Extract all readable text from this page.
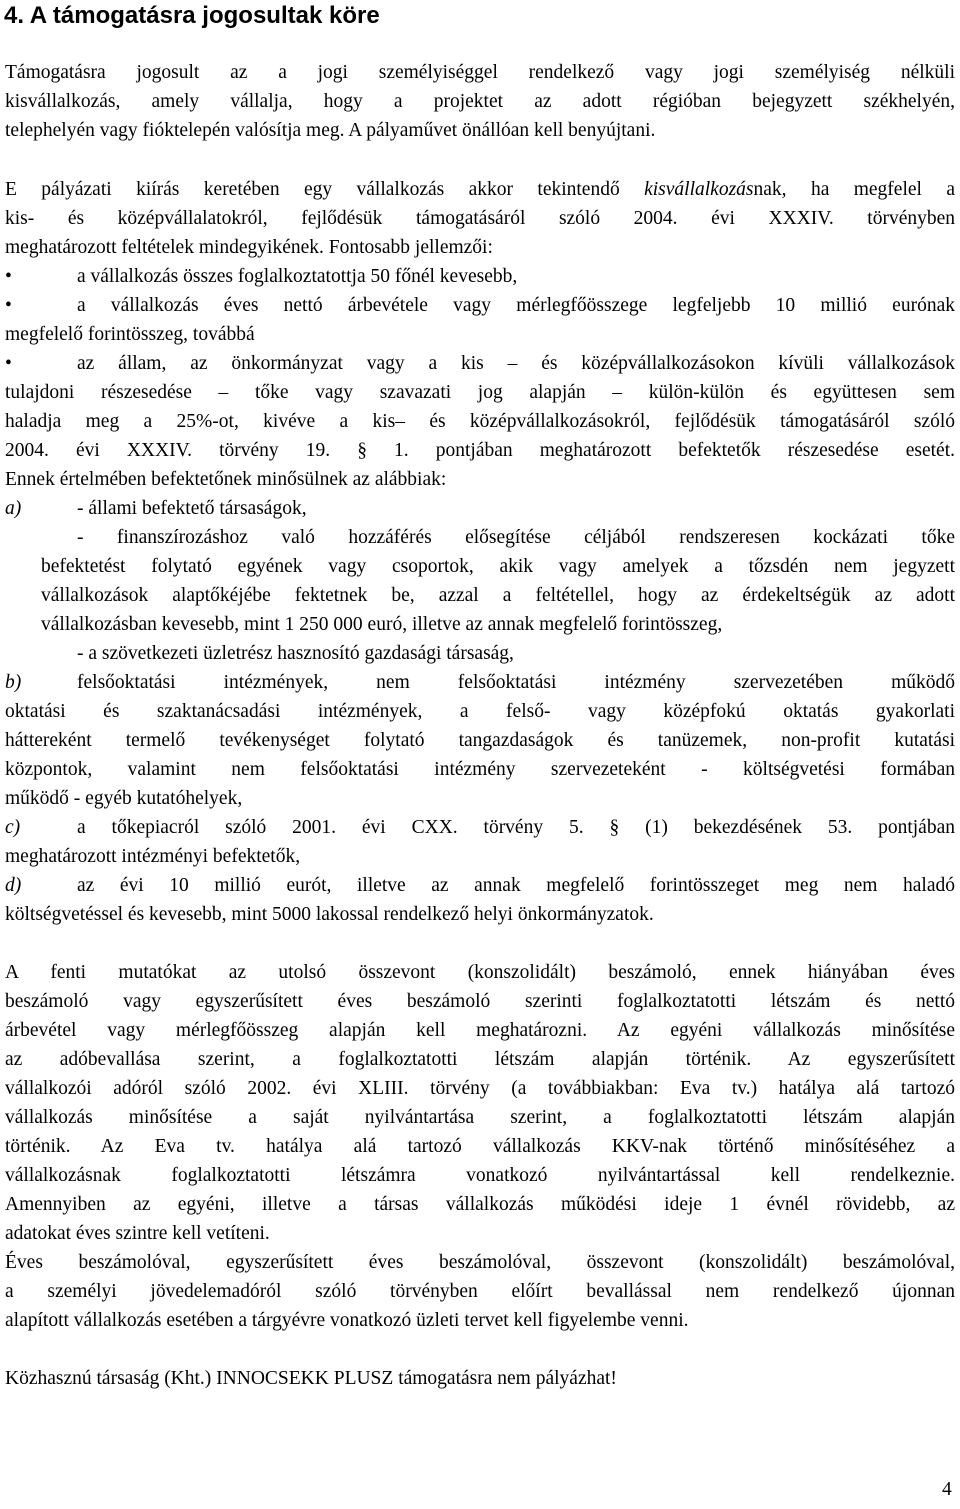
4. A támogatásra jogosultak köre
Támogatásra jogosult az a jogi személyiséggel rendelkező vagy jogi személyiség nélküli
kisvállalkozás, amely vállalja, hogy a projektet az adott régióban bejegyzett székhelyén,
telephelyén vagy fióktelepén valósítja meg. A pályaművet önállóan kell benyújtani.
E pályázati kiírás keretében egy vállalkozás akkor tekintendő kisvállalkozásnak, ha megfelel a
kis- és középvállalatokról, fejlődésük támogatásáról szóló 2004. évi XXXIV. törvényben
meghatározott feltételek mindegyikének. Fontosabb jellemzői:
•	a vállalkozás összes foglalkoztatottja 50 főnél kevesebb,
•	a vállalkozás éves nettó árbevétele vagy mérlegfőösszege legfeljebb 10 millió eurónak
megfelelő forintösszeg, továbbá
•	az állam, az önkormányzat vagy a kis – és középvállalkozásokon kívüli vállalkozások
tulajdoni részesedése – tőke vagy szavazati jog alapján – külön-külön és együttesen sem
haladja meg a 25%-ot, kivéve a kis– és középvállalkozásokról, fejlődésük támogatásáról szóló
2004. évi XXXIV. törvény 19. § 1. pontjában meghatározott befektetők részesedése esetét.
Ennek értelmében befektetőnek minősülnek az alábbiak:
a)	- állami befektető társaságok,
- finanszírozáshoz való hozzáférés elősegítése céljából rendszeresen kockázati tőke
befektetést folytató egyének vagy csoportok, akik vagy amelyek a tőzsdén nem jegyzett
vállalkozások alaptőkéjébe fektetnek be, azzal a feltétellel, hogy az érdekeltségük az adott
vállalkozásban kevesebb, mint 1 250 000 euró, illetve az annak megfelelő forintösszeg,
- a szövetkezeti üzletrész hasznosító gazdasági társaság,
b)	felsőoktatási intézmények, nem felsőoktatási intézmény szervezetében működő
oktatási és szaktanácsadási intézmények, a felső- vagy középfokú oktatás gyakorlati
háttereként termelő tevékenységet folytató tangazdaságok és tanüzemek, non-profit kutatási
központok, valamint nem felsőoktatási intézmény szervezeteként - költségvetési formában
működő - egyéb kutatóhelyek,
c)	a tőkepiacról szóló 2001. évi CXX. törvény 5. § (1) bekezdésének 53. pontjában
meghatározott intézményi befektetők,
d)	az évi 10 millió eurót, illetve az annak megfelelő forintösszeget meg nem haladó
költségvetéssel és kevesebb, mint 5000 lakossal rendelkező helyi önkormányzatok.
A fenti mutatókat az utolsó összevont (konszolidált) beszámoló, ennek hiányában éves
beszámoló vagy egyszerűsített éves beszámoló szerinti foglalkoztatotti létszám és nettó
árbevétel vagy mérlegfőösszeg alapján kell meghatározni. Az egyéni vállalkozás minősítése
az adóbevallása szerint, a foglalkoztatotti létszám alapján történik. Az egyszerűsített
vállalkozói adóról szóló 2002. évi XLIII. törvény (a továbbiakban: Eva tv.) hatálya alá tartozó
vállalkozás minősítése a saját nyilvántartása szerint, a foglalkoztatotti létszám alapján
történik. Az Eva tv. hatálya alá tartozó vállalkozás KKV-nak történő minősítéséhez a
vállalkozásnak foglalkoztatotti létszámra vonatkozó nyilvántartással kell rendelkeznie.
Amennyiben az egyéni, illetve a társas vállalkozás működési ideje 1 évnél rövidebb, az
adatokat éves szintre kell vetíteni.
Éves beszámolóval, egyszerűsített éves beszámolóval, összevont (konszolidált) beszámolóval,
a személyi jövedelemadóról szóló törvényben előírt bevallással nem rendelkező újonnan
alapított vállalkozás esetében a tárgyévre vonatkozó üzleti tervet kell figyelembe venni.
Közhasznú társaság (Kht.) INNOCSEKK PLUSZ támogatásra nem pályázhat!
4
